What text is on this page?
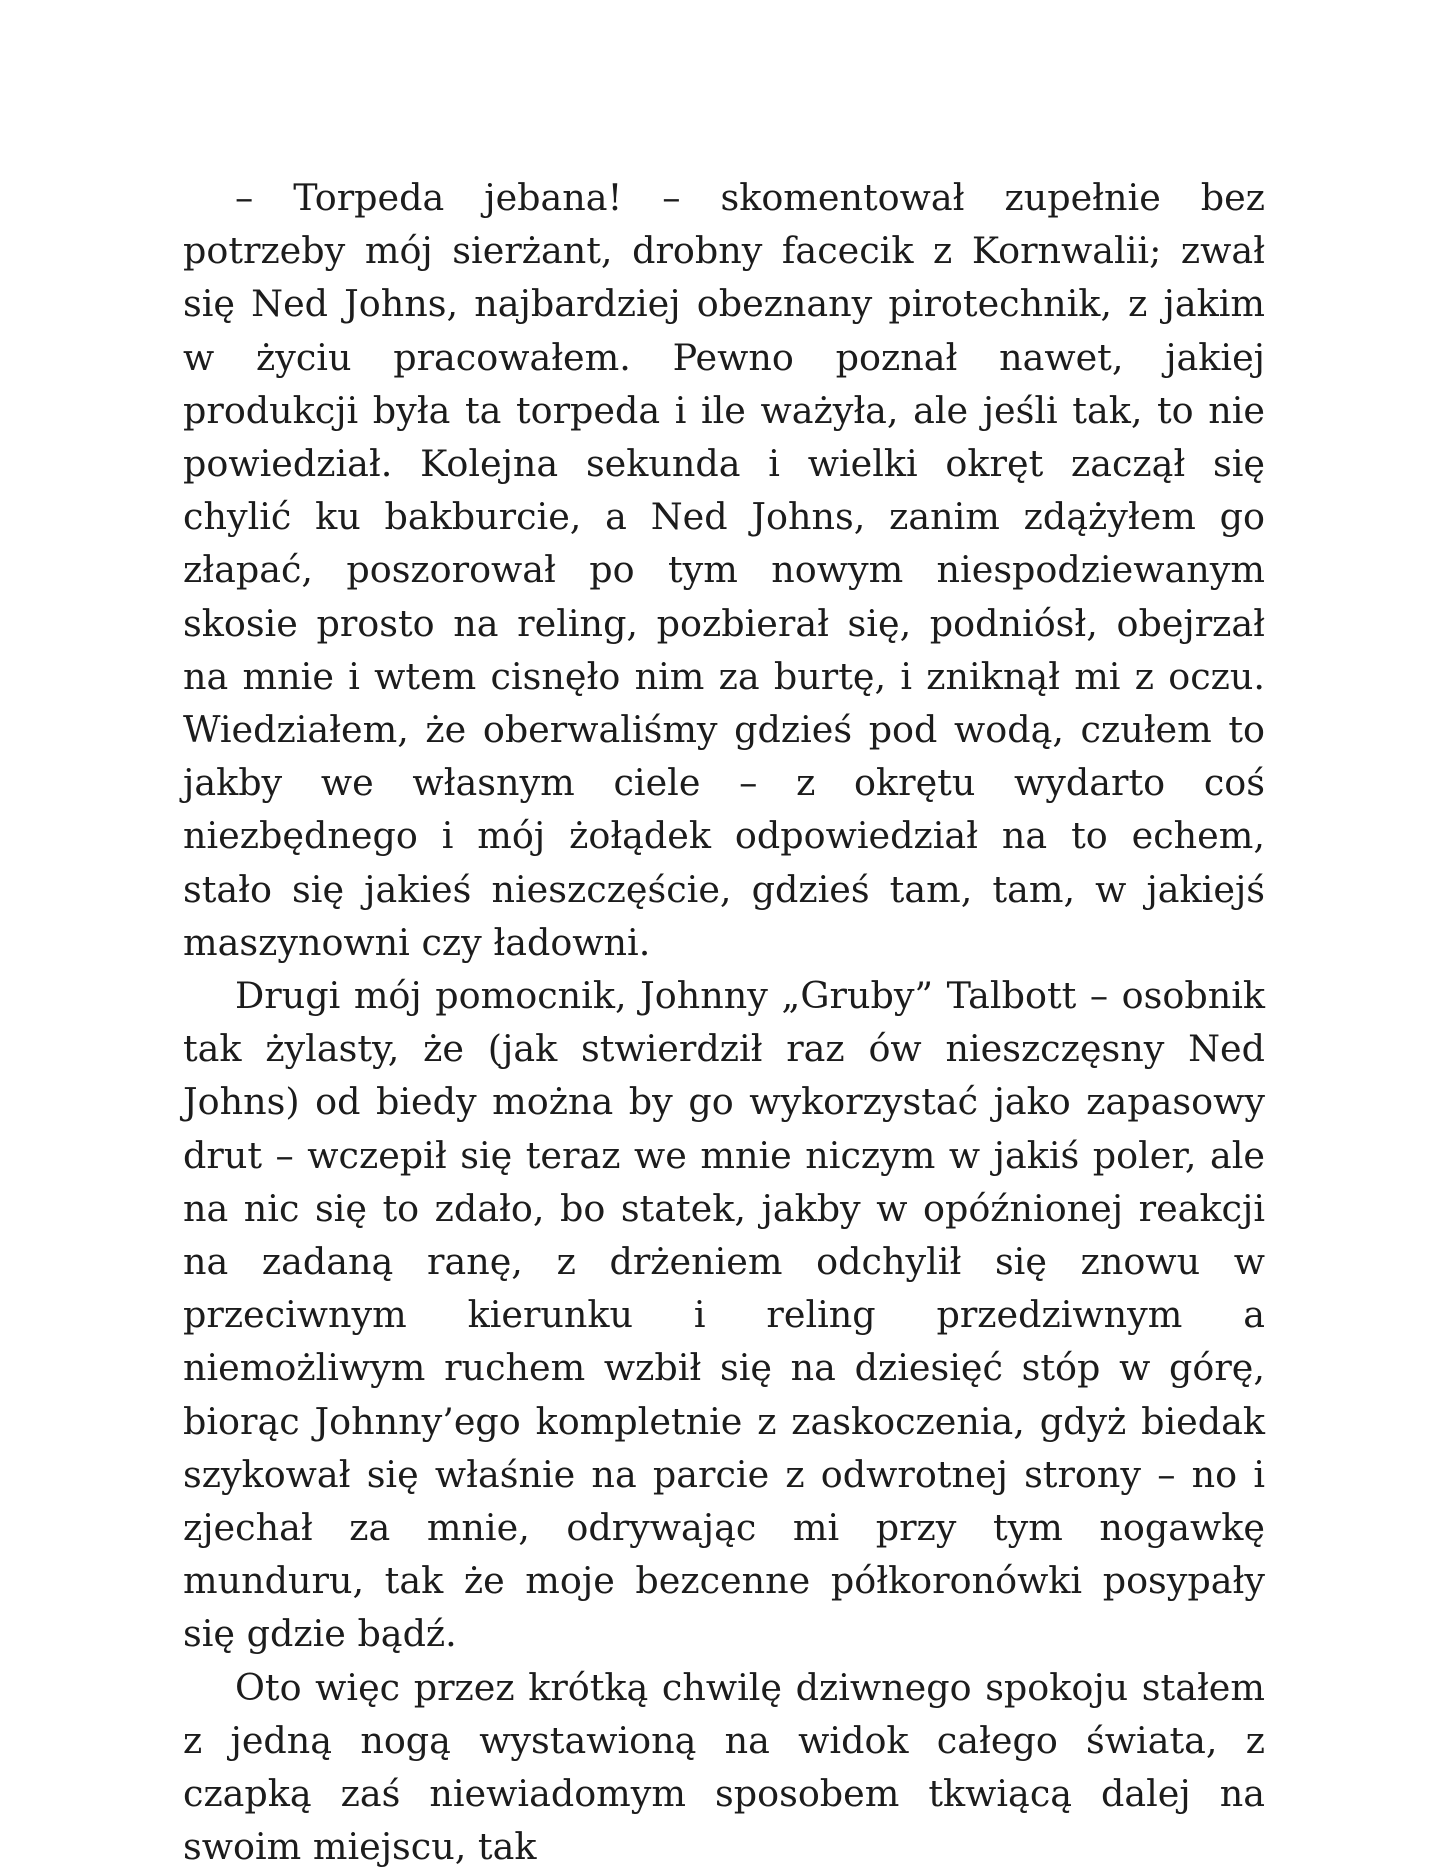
– Torpeda jebana! – skomentował zupełnie bez potrzeby mój sierżant, drobny facecik z Kornwalii; zwał się Ned Johns, najbardziej obeznany pirotechnik, z jakim w życiu pracowałem. Pewno poznał nawet, jakiej produkcji była ta torpeda i ile ważyła, ale jeśli tak, to nie powiedział. Kolejna sekunda i wielki okręt zaczął się chylić ku bakburcie, a Ned Johns, zanim zdążyłem go złapać, poszorował po tym nowym niespodziewanym skosie prosto na reling, pozbierał się, podniósł, obejrzał na mnie i wtem cisnęło nim za burtę, i zniknął mi z oczu. Wiedziałem, że oberwaliśmy gdzieś pod wodą, czułem to jakby we własnym ciele – z okrętu wydarto coś niezbędnego i mój żołądek odpowiedział na to echem, stało się jakieś nieszczęście, gdzieś tam, tam, w jakiejś maszynowni czy ładowni.

Drugi mój pomocnik, Johnny „Gruby” Talbott – osobnik tak żylasty, że (jak stwierdził raz ów nieszczęsny Ned Johns) od biedy można by go wykorzystać jako zapasowy drut – wczepił się teraz we mnie niczym w jakiś poler, ale na nic się to zdało, bo statek, jakby w opóźnionej reakcji na zadaną ranę, z drżeniem odchylił się znowu w przeciwnym kierunku i reling przedziwnym a niemożliwym ruchem wzbił się na dziesięć stóp w górę, biorąc Johnny’ego kompletnie z zaskoczenia, gdyż biedak szykował się właśnie na parcie z odwrotnej strony – no i zjechał za mnie, odrywając mi przy tym nogawkę munduru, tak że moje bezcenne półkoronówki posypały się gdzie bądź.

Oto więc przez krótką chwilę dziwnego spokoju stałem z jedną nogą wystawioną na widok całego świata, z czapką zaś niewiadomym sposobem tkwiącą dalej na swoim miejscu, tak
